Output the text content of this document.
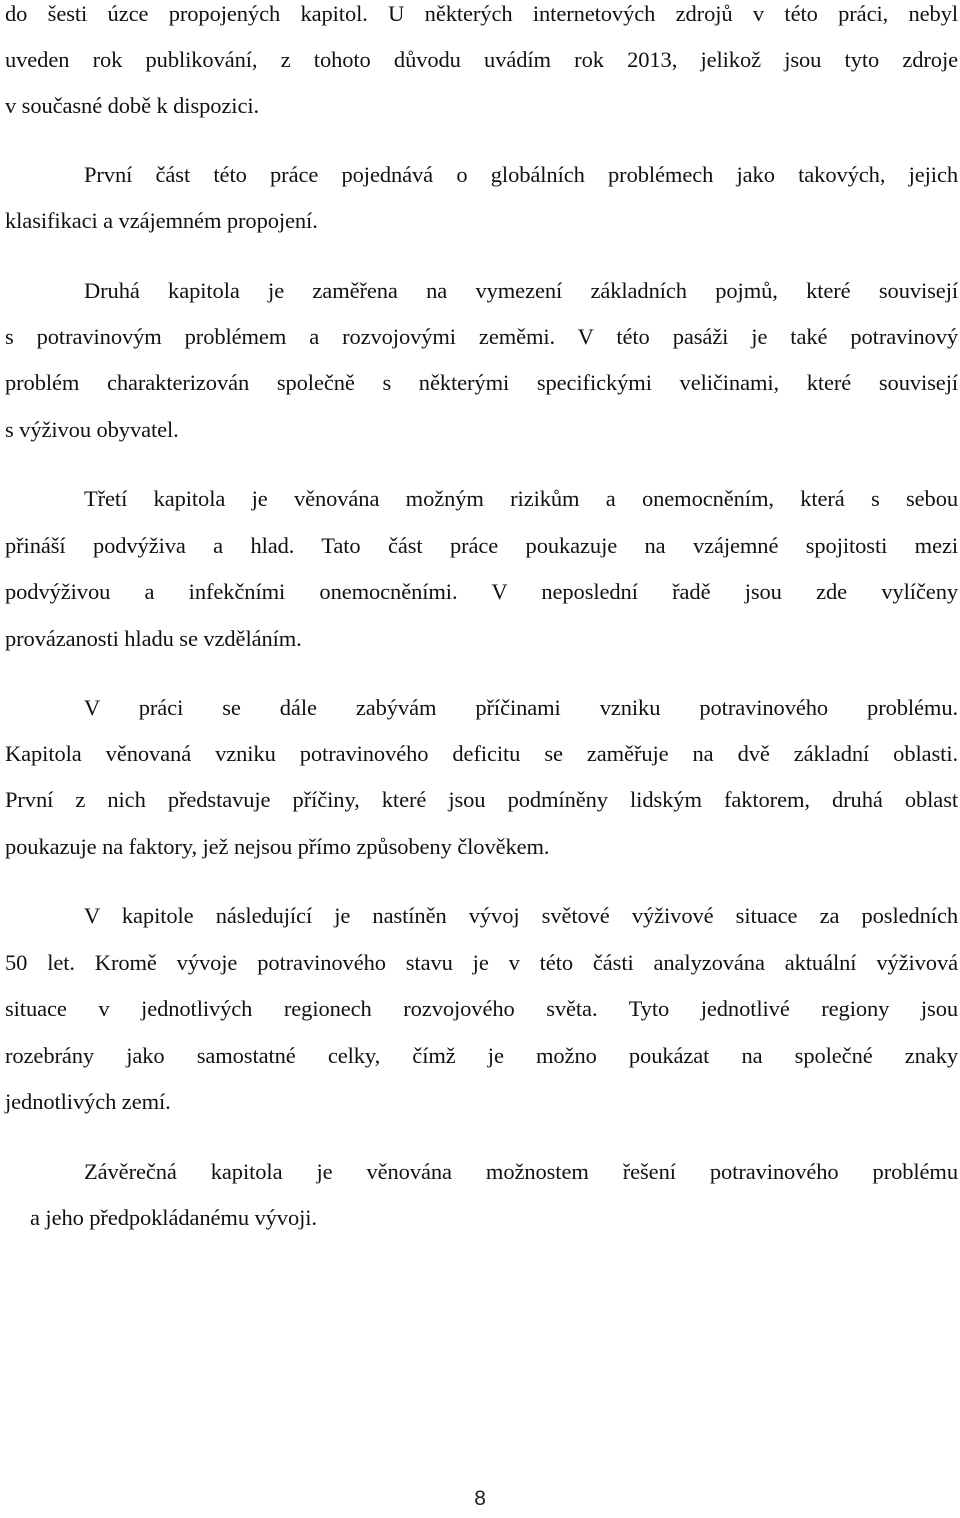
do šesti úzce propojených kapitol. U některých internetových zdrojů v této práci, nebyl
uveden rok publikování, z tohoto důvodu uvádím rok 2013, jelikož jsou tyto zdroje
v současné době k dispozici.
První část této práce pojednává o globálních problémech jako takových, jejich
klasifikaci a vzájemném propojení.
Druhá kapitola je zaměřena na vymezení základních pojmů, které souvisejí
s potravinovým problémem a rozvojovými zeměmi. V této pasáži je také potravinový
problém charakterizován společně s některými specifickými veličinami, které souvisejí
s výživou obyvatel.
Třetí kapitola je věnována možným rizikům a onemocněním, která s sebou
přináší podvýživa a hlad. Tato část práce poukazuje na vzájemné spojitosti mezi
podvýživou a infekčními onemocněními. V neposlední řadě jsou zde vylíčeny
provázanosti hladu se vzděláním.
V práci se dále zabývám příčinami vzniku potravinového problému.
Kapitola věnovaná vzniku potravinového deficitu se zaměřuje na dvě základní oblasti.
První z nich představuje příčiny, které jsou podmíněny lidským faktorem, druhá oblast
poukazuje na faktory, jež nejsou přímo způsobeny člověkem.
V kapitole následující je nastíněn vývoj světové výživové situace za posledních
50 let. Kromě vývoje potravinového stavu je v této části analyzována aktuální výživová
situace v jednotlivých regionech rozvojového světa. Tyto jednotlivé regiony jsou
rozebrány jako samostatné celky, čímž je možno poukázat na společné znaky
jednotlivých zemí.
Závěrečná kapitola je věnována možnostem řešení potravinového problému
a jeho předpokládanému vývoji.
8
